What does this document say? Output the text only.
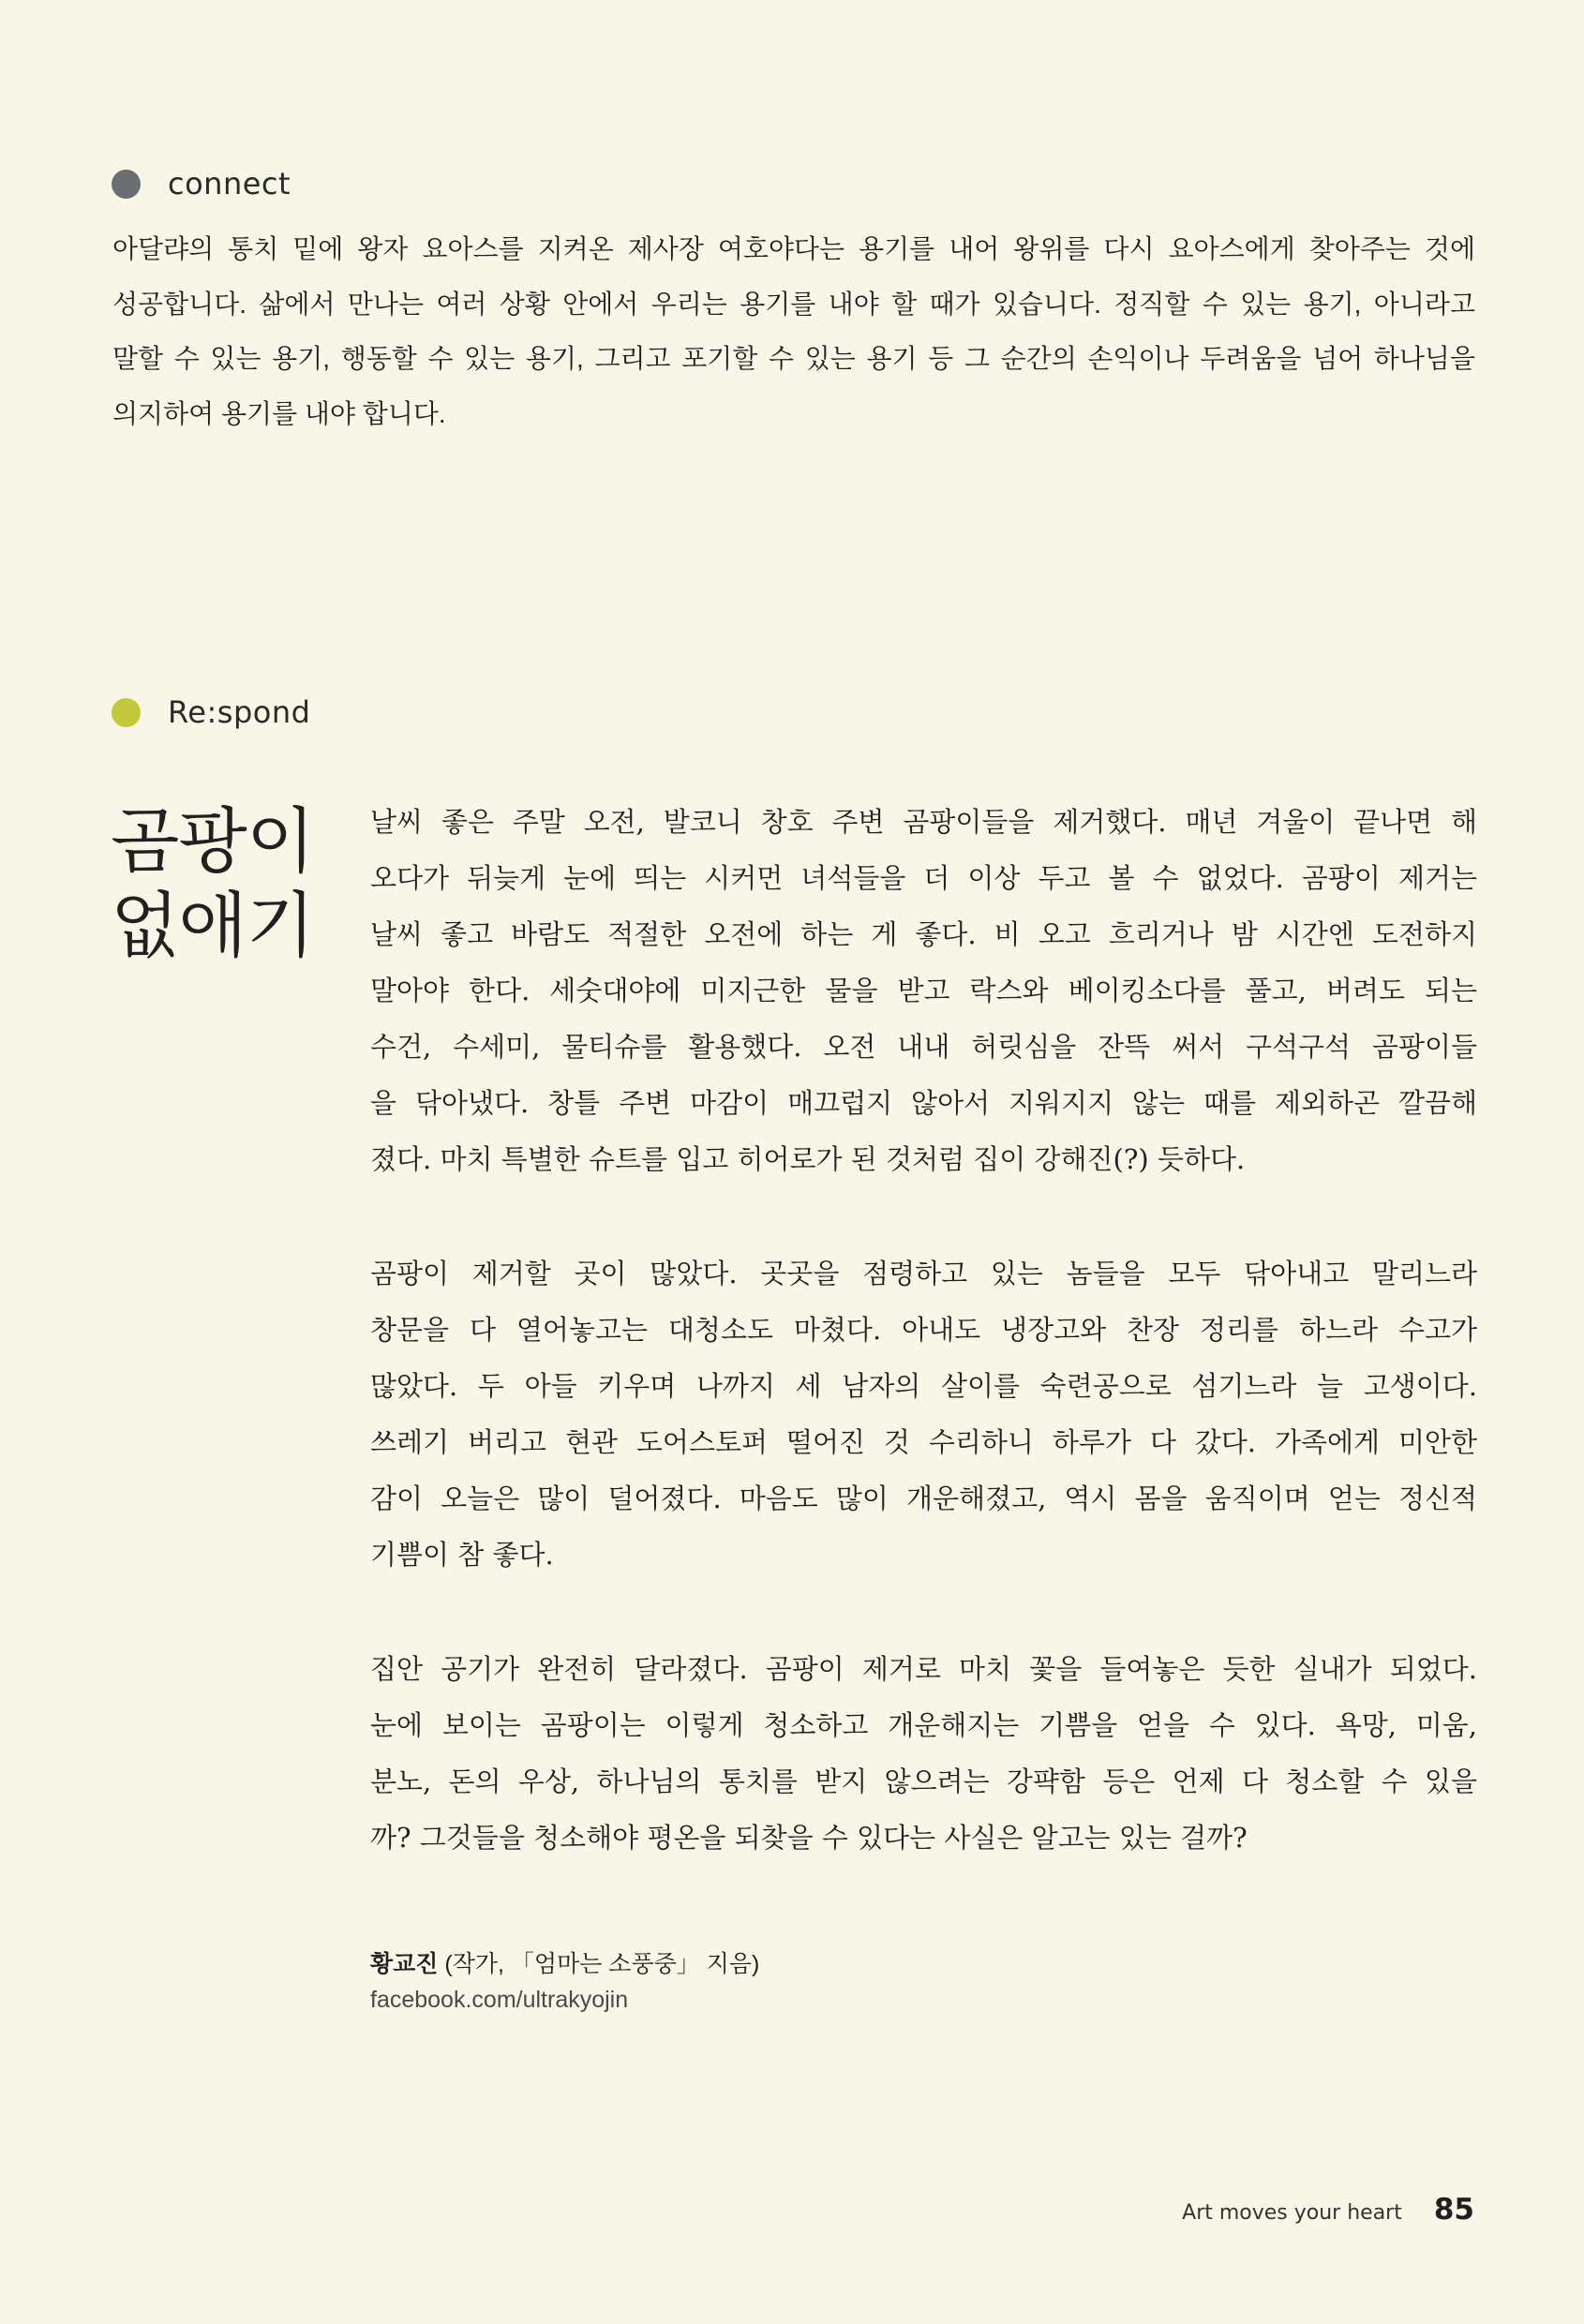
connect
아달랴의 통치 밑에 왕자 요아스를 지켜온 제사장 여호야다는 용기를 내어 왕위를 다시 요아스에게 찾아주는 것에
성공합니다. 삶에서 만나는 여러 상황 안에서 우리는 용기를 내야 할 때가 있습니다. 정직할 수 있는 용기, 아니라고
말할 수 있는 용기, 행동할 수 있는 용기, 그리고 포기할 수 있는 용기 등 그 순간의 손익이나 두려움을 넘어 하나님을
의지하여 용기를 내야 합니다.
Re:spond
곰팡이
없애기
날씨 좋은 주말 오전, 발코니 창호 주변 곰팡이들을 제거했다. 매년 겨울이 끝나면 해
오다가 뒤늦게 눈에 띄는 시커먼 녀석들을 더 이상 두고 볼 수 없었다. 곰팡이 제거는
날씨 좋고 바람도 적절한 오전에 하는 게 좋다. 비 오고 흐리거나 밤 시간엔 도전하지
말아야 한다. 세숫대야에 미지근한 물을 받고 락스와 베이킹소다를 풀고, 버려도 되는
수건, 수세미, 물티슈를 활용했다. 오전 내내 허릿심을 잔뜩 써서 구석구석 곰팡이들
을 닦아냈다. 창틀 주변 마감이 매끄럽지 않아서 지워지지 않는 때를 제외하곤 깔끔해
졌다. 마치 특별한 슈트를 입고 히어로가 된 것처럼 집이 강해진(?) 듯하다.
곰팡이 제거할 곳이 많았다. 곳곳을 점령하고 있는 놈들을 모두 닦아내고 말리느라
창문을 다 열어놓고는 대청소도 마쳤다. 아내도 냉장고와 찬장 정리를 하느라 수고가
많았다. 두 아들 키우며 나까지 세 남자의 살이를 숙련공으로 섬기느라 늘 고생이다.
쓰레기 버리고 현관 도어스토퍼 떨어진 것 수리하니 하루가 다 갔다. 가족에게 미안한
감이 오늘은 많이 덜어졌다. 마음도 많이 개운해졌고, 역시 몸을 움직이며 얻는 정신적
기쁨이 참 좋다.
집안 공기가 완전히 달라졌다. 곰팡이 제거로 마치 꽃을 들여놓은 듯한 실내가 되었다.
눈에 보이는 곰팡이는 이렇게 청소하고 개운해지는 기쁨을 얻을 수 있다. 욕망, 미움,
분노, 돈의 우상, 하나님의 통치를 받지 않으려는 강퍅함 등은 언제 다 청소할 수 있을
까? 그것들을 청소해야 평온을 되찾을 수 있다는 사실은 알고는 있는 걸까?
황교진 (작가, 「엄마는 소풍중」 지음)
facebook.com/ultrakyojin
Art moves your heart 85
